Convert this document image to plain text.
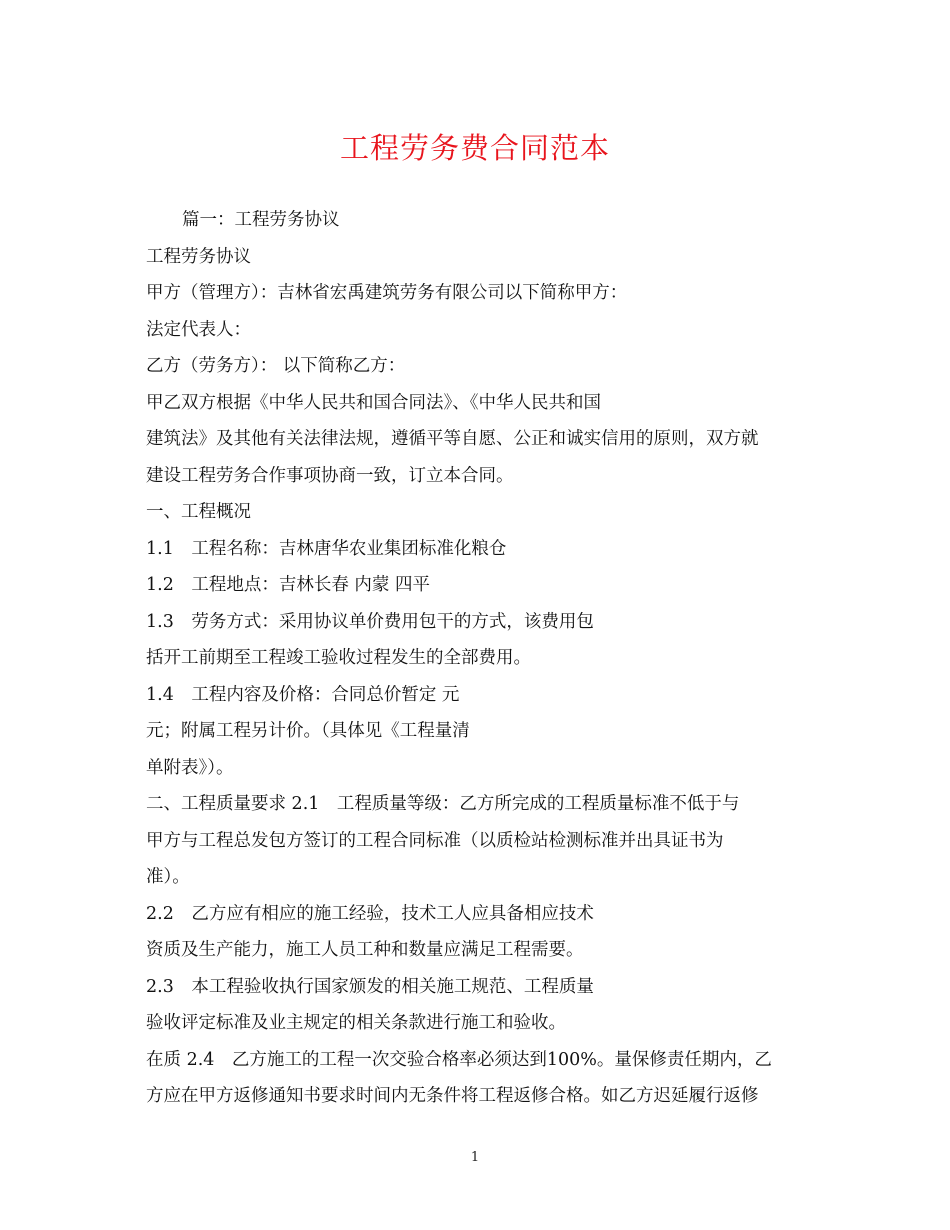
工程劳务费合同范本
篇一：工程劳务协议
工程劳务协议
甲方（管理方）：吉林省宏禹建筑劳务有限公司以下简称甲方：
法定代表人：
乙方（劳务方）： 以下简称乙方：
甲乙双方根据《中华人民共和国合同法》、《中华人民共和国
建筑法》及其他有关法律法规，遵循平等自愿、公正和诚实信用的原则，双方就
建设工程劳务合作事项协商一致，订立本合同。
一、工程概况
1.1　工程名称：吉林唐华农业集团标准化粮仓
1.2　工程地点：吉林长春 内蒙 四平
1.3　劳务方式：采用协议单价费用包干的方式，该费用包
括开工前期至工程竣工验收过程发生的全部费用。
1.4　工程内容及价格：合同总价暂定 元
元；附属工程另计价。（具体见《工程量清
单附表》）。
二、工程质量要求 2.1　工程质量等级：乙方所完成的工程质量标准不低于与
甲方与工程总发包方签订的工程合同标准（以质检站检测标准并出具证书为
准）。
2.2　乙方应有相应的施工经验，技术工人应具备相应技术
资质及生产能力，施工人员工种和数量应满足工程需要。
2.3　本工程验收执行国家颁发的相关施工规范、工程质量
验收评定标准及业主规定的相关条款进行施工和验收。
在质 2.4　乙方施工的工程一次交验合格率必须达到100%。量保修责任期内，乙
方应在甲方返修通知书要求时间内无条件将工程返修合格。如乙方迟延履行返修
1
